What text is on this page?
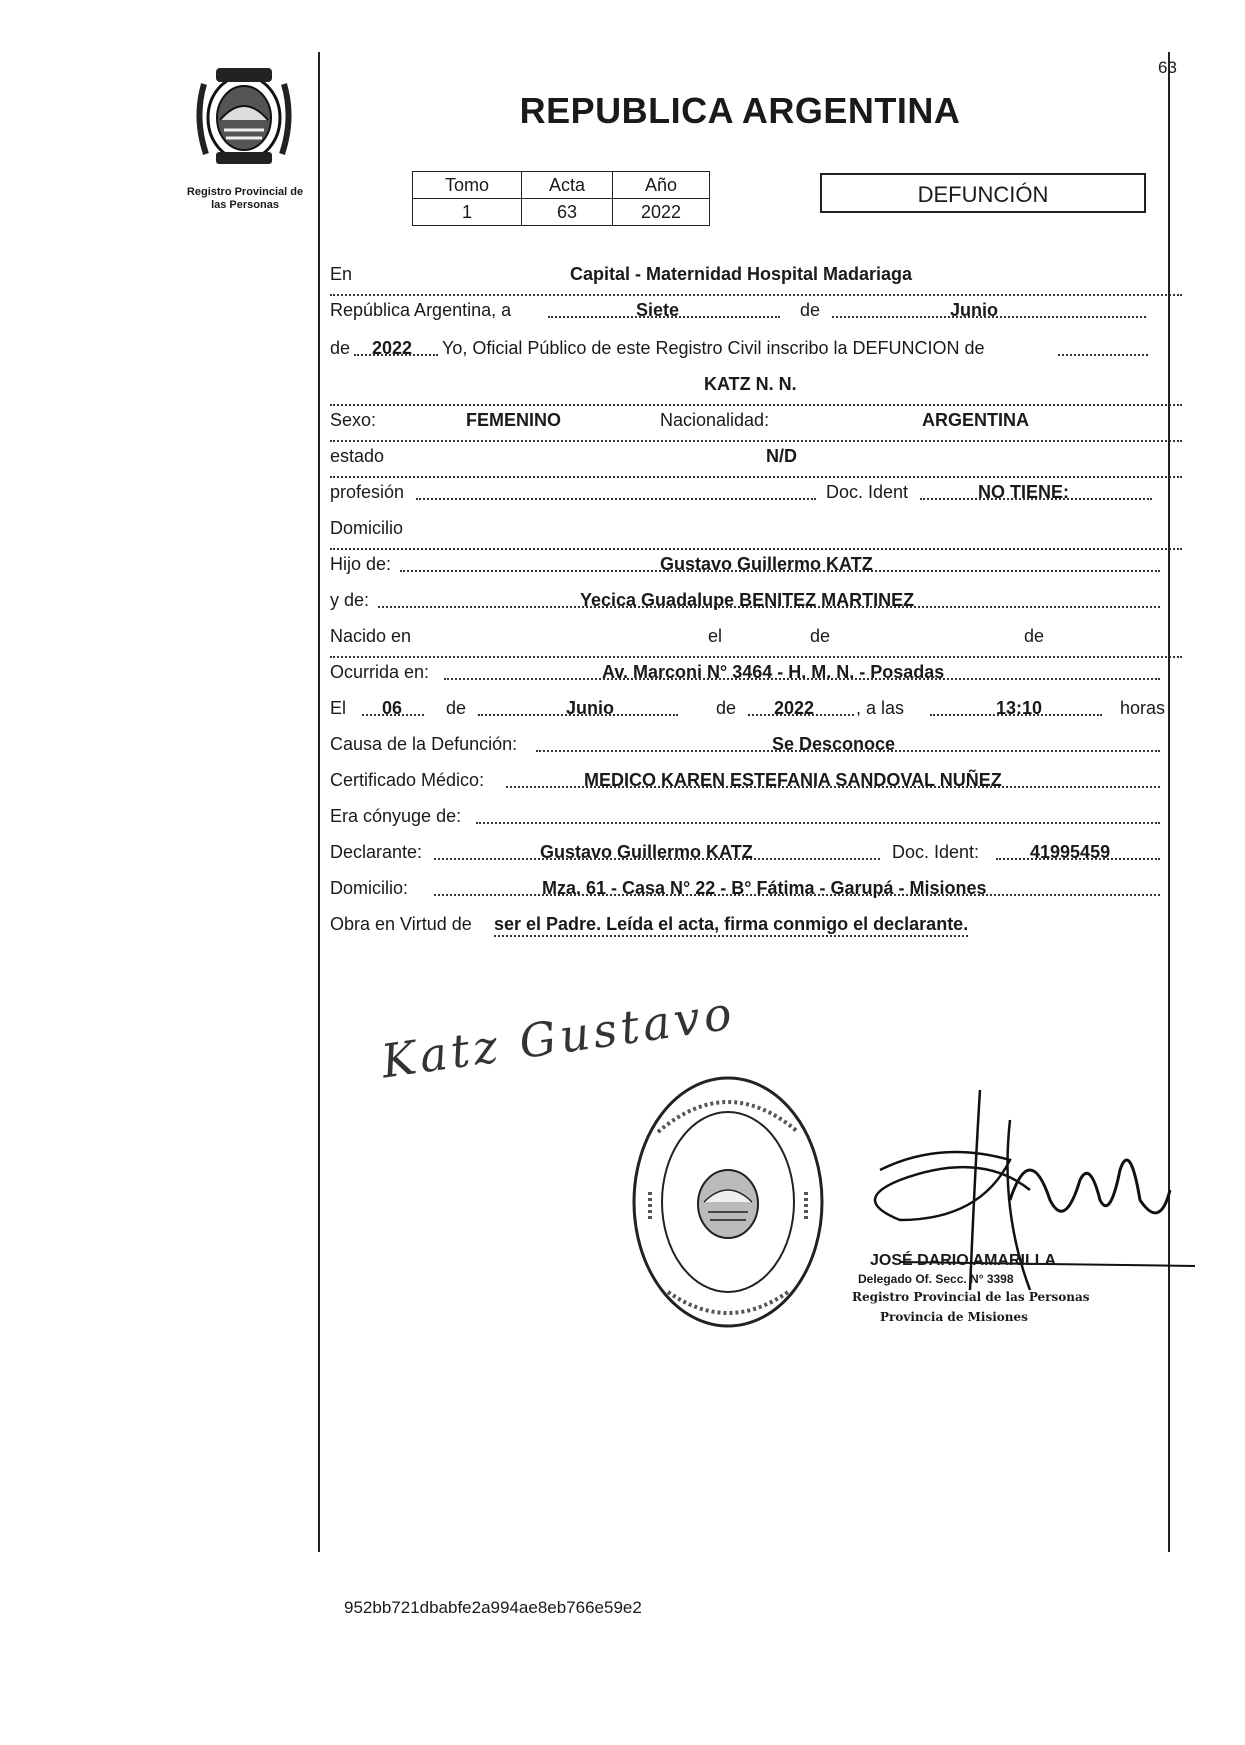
63
Registro Provincial de
las Personas
REPUBLICA ARGENTINA
Tomo	Acta	Año
1	63	2022
DEFUNCIÓN
En	Capital - Maternidad Hospital Madariaga
República Argentina, a	Siete	de	Junio
de 2022 Yo, Oficial Público de este Registro Civil inscribo la DEFUNCION de
KATZ N. N.
Sexo:	FEMENINO	Nacionalidad:	ARGENTINA
estado	N/D
profesión	Doc. Ident	NO TIENE:
Domicilio
Hijo de:	Gustavo Guillermo KATZ
y de:	Yecica Guadalupe BENITEZ MARTINEZ
Nacido en	el	de	de
Ocurrida en:	Av. Marconi N° 3464 - H. M. N. - Posadas
El 06 de	Junio	de 2022 , a las	13:10	horas
Causa de la Defunción:	Se Desconoce
Certificado Médico:	MEDICO KAREN ESTEFANIA SANDOVAL NUÑEZ
Era cónyuge de:
Declarante:	Gustavo Guillermo KATZ	Doc. Ident:	41995459
Domicilio:	Mza. 61 - Casa N° 22 - B° Fátima - Garupá - Misiones
Obra en Virtud de ser el Padre. Leída el acta, firma conmigo el declarante.
Katz Gustavo
JOSÉ DARIO AMARILLA
Delegado Of. Secc. N° 3398
Registro Provincial de las Personas
Provincia de Misiones
952bb721dbabfe2a994ae8eb766e59e2
